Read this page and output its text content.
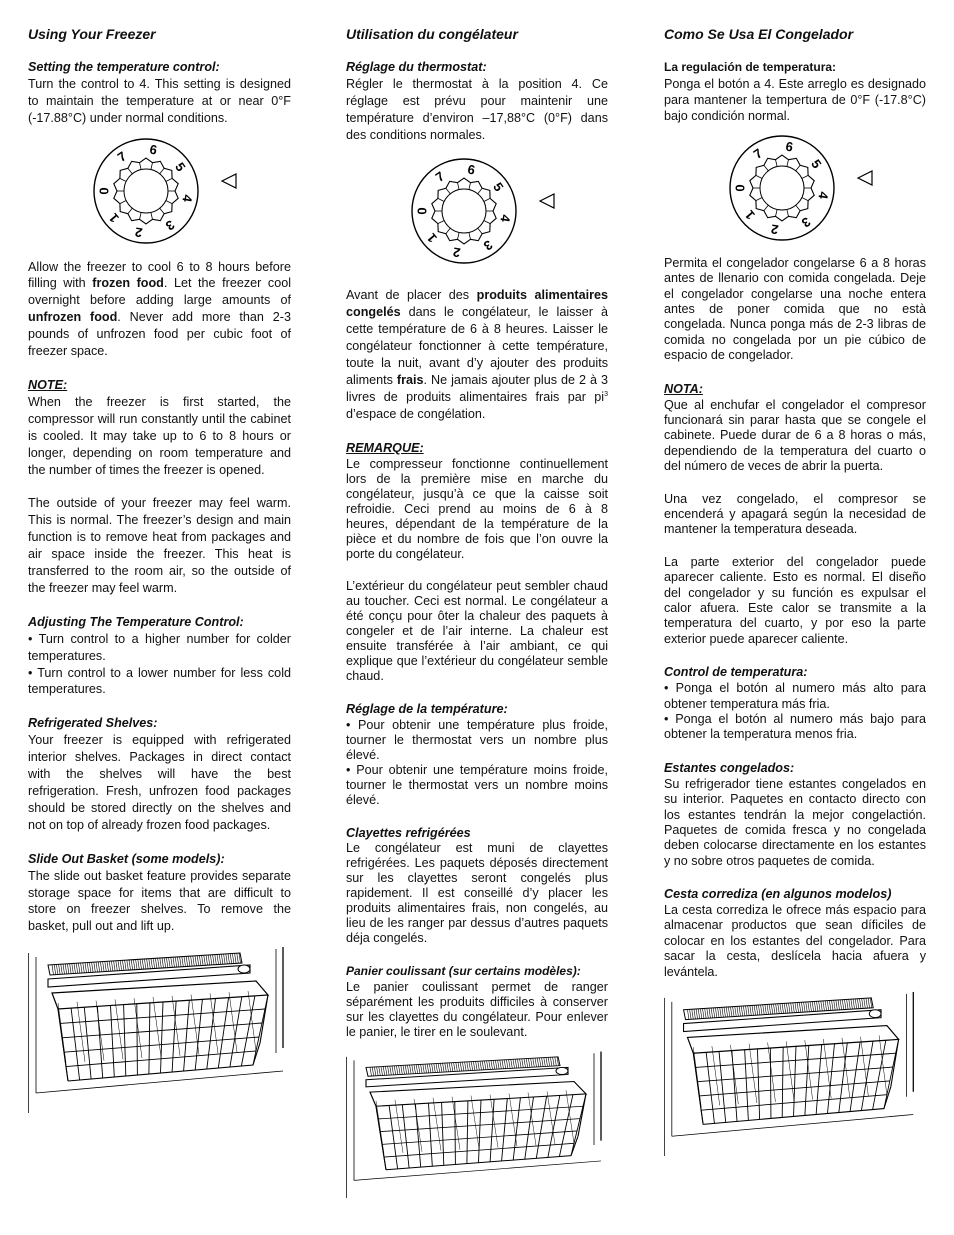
Using Your Freezer
Setting the temperature control:

Turn the control to 4. This setting is designed to maintain the temperature at or near 0°F (-17.88°C) under normal conditions.

0
1
2 3
4
5
6
7

Allow the freezer to cool 6 to 8 hours before filling with frozen food. Let the freezer cool overnight before adding large amounts of unfrozen food. Never add more than 2-3 pounds of unfrozen food per cubic foot of freezer space.

NOTE:

When the freezer is first started, the compressor will run constantly until the cabinet is cooled. It may take up to 6 to 8 hours or longer, depending on room temperature and the number of times the freezer is opened.

The outside of your freezer may feel warm. This is normal. The freezer’s design and main function is to remove heat from packages and air space inside the freezer. This heat is transferred to the room air, so the outside of the freezer may feel warm.

Adjusting The Temperature Control:

• Turn control to a higher number for colder temperatures.

• Turn control to a lower number for less cold temperatures.

Refrigerated Shelves:

Your freezer is equipped with refrigerated interior shelves. Packages in direct contact with the shelves will have the best refrigeration. Fresh, unfrozen food packages should be stored directly on the shelves and not on top of already frozen food packages.

Slide Out Basket (some models):

The slide out basket feature provides separate storage space for items that are difficult to store on freezer shelves. To remove the basket, pull out and lift up.

Utilisation du congélateur
Réglage du thermostat:

Régler le thermostat à la position 4. Ce réglage est prévu pour maintenir une température d’environ –17,88°C (0°F) dans des conditions normales.

0
1
2 3
4
5
6
7

Avant de placer des produits alimentaires congelés dans le congélateur, le laisser à cette température de 6 à 8 heures. Laisser le congélateur fonctionner à cette température, toute la nuit, avant d’y ajouter des produits aliments frais. Ne jamais ajouter plus de 2 à 3 livres de produits alimentaires frais par $pi^3$ d’espace de congélation.

REMARQUE:

Le compresseur fonctionne continuellement lors de la première mise en marche du congélateur, jusqu’à ce que la caisse soit refroidie. Ceci prend au moins de 6 à 8 heures, dépendant de la température de la pièce et du nombre de fois que l’on ouvre la porte du congélateur.

L’extérieur du congélateur peut sembler chaud au toucher. Ceci est normal. Le congélateur a été conçu pour ôter la chaleur des paquets à congeler et de l’air interne. La chaleur est ensuite transférée à l’air ambiant, ce qui explique que l’extérieur du congélateur semble chaud.

Réglage de la température:

• Pour obtenir une température plus froide, tourner le thermostat vers un nombre plus élevé.

• Pour obtenir une température moins froide, tourner le thermostat vers un nombre moins élevé.

Clayettes refrigérées

Le congélateur est muni de clayettes refrigérées. Les paquets déposés directement sur les clayettes seront congelés plus rapidement. Il est conseillé d’y placer les produits alimentaires frais, non congelés, au lieu de les ranger par dessus d’autres paquets déja congelés.

Panier coulissant (sur certains modèles):

Le panier coulissant permet de ranger séparément les produits difficiles à conserver sur les clayettes du congélateur. Pour enlever le panier, le tirer en le soulevant.

Como Se Usa El Congelador
La regulación de temperatura:

Ponga el botón a 4. Este arreglo es designado para mantener la tempertura de 0°F (-17.8°C) bajo condición normal.

0
1
2 3
4
5
6
7

Permita el congelador congelarse 6 a 8 horas antes de llenario con comida congelada. Deje el congelador congelarse una noche entera antes de poner comida que no està congelada. Nunca ponga más de 2-3 libras de comida no congelada por un pie cúbico de espacio de congelador.

NOTA:

Que al enchufar el congelador el compresor funcionará sin parar hasta que se congele el cabinete. Puede durar de 6 a 8 horas o más, dependiendo de la temperatura del cuarto o del número de veces de abrir la puerta.

Una vez congelado, el compresor se encenderá y apagará según la necesidad de mantener la temperatura deseada.

La parte exterior del congelador puede aparecer caliente. Esto es normal. El diseño del congelador y su función es expulsar el calor afuera. Este calor se transmite a la temperatura del cuarto, y por eso la parte exterior puede aparecer caliente.

Control de temperatura:

• Ponga el botón al numero más alto para obtener temperatura más fria.

• Ponga el botón al numero más bajo para obtener la temperatura menos fria.

Estantes congelados:

Su refrigerador tiene estantes congelados en su interior. Paquetes en contacto directo con los estantes tendrán la mejor congelactión. Paquetes de comida fresca y no congelada deben colocarse directamente en los estantes y no sobre otros paquetes de comida.

Cesta corrediza (en algunos modelos)

La cesta corrediza le ofrece más espacio para almacenar productos que sean díficiles de colocar en los estantes del congelador. Para sacar la cesta, deslícela hacia afuera y levántela.
